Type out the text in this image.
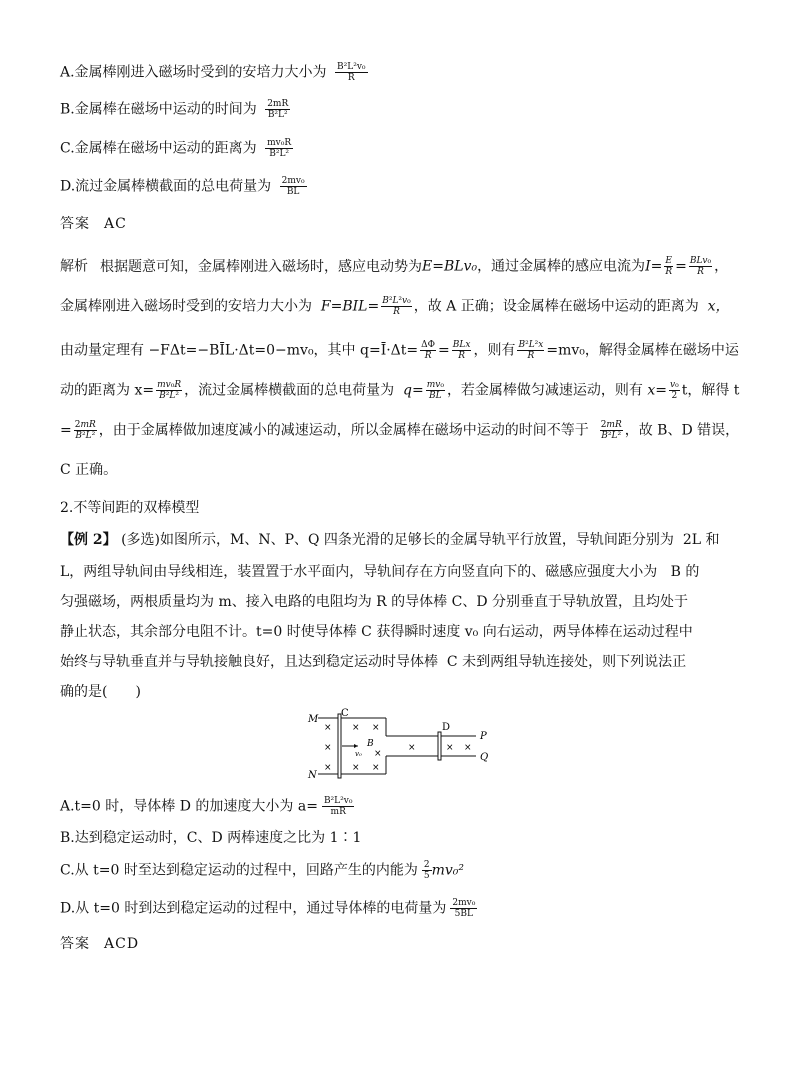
A.金属棒刚进入磁场时受到的安培力大小为 $\frac{\text{B²L²v₀}}{R}$
B.金属棒在磁场中运动的时间为 $\frac{2mR}{\text{B²L²}}$
C.金属棒在磁场中运动的距离为 $\frac{\text{mv₀R}}{\text{B²L²}}$
D.流过金属棒横截面的总电荷量为 $\frac{\text{2mv₀}}{BL}$
答案 AC
解析 根据题意可知，金属棒刚进入磁场时，感应电动势为E=BLv₀，通过金属棒的感应电流为$I= \frac{E}{R} = \frac{\text{BLv₀}}{R}$ ，
金属棒刚进入磁场时受到的安培力大小为 $F=BIL= \frac{\text{B²L²v₀}}{R}$ ，故 A 正确；设金属棒在磁场中运动的距离为 x，
由动量定理有 −FΔt=−BĪL·Δt=0−mv₀，其中 q=Ī·Δt= $\frac{\Delta\Phi}{R} = \frac{\text{BLx}}{R}$ ，则有 $\frac{\text{B²L²x}}{R} =mv_0$，解得金属棒在磁场中运
动的距离为 $x= \frac{\text{mv₀R}}{\text{B²L²}}$ ，流过金属棒横截面的总电荷量为 $q= \frac{\text{mv₀}}{BL}$ ，若金属棒做匀减速运动，则有 $x= \frac{\text{v₀}}{2}$ t，解得 t
= $\frac{2mR}{\text{B²L²}}$ ，由于金属棒做加速度减小的减速运动，所以金属棒在磁场中运动的时间不等于 $\frac{2mR}{\text{B²L²}}$ ，故 B、D 错误，
C 正确。
2.不等间距的双棒模型
【例 2】 (多选)如图所示，M、N、P、Q 四条光滑的足够长的金属导轨平行放置，导轨间距分别为 2L 和
L，两组导轨间由导线相连，装置置于水平面内，导轨间存在方向竖直向下的、磁感应强度大小为 B 的
匀强磁场，两根质量均为 m、接入电路的电阻均为 R 的导体棒 C、D 分别垂直于导轨放置，且均处于
静止状态，其余部分电阻不计。t=0 时使导体棒 C 获得瞬时速度 v₀ 向右运动，两导体棒在运动过程中
始终与导轨垂直并与导轨接触良好，且达到稳定运动时导体棒 C 未到两组导轨连接处，则下列说法正
确的是(　　)
M
N
P
Q
C
D
B
×
×
×
×
×
×
×
×
×	× ×
v₀
A.t=0 时，导体棒 D 的加速度大小为 $a= \frac{\text{B²L²v₀}}{mR}$
B.达到稳定运动时，C、D 两棒速度之比为 1∶1
C.从 t=0 时至达到稳定运动的过程中，回路产生的内能为 $\frac{2}{5} mv_0^2$
D.从 t=0 时到达到稳定运动的过程中，通过导体棒的电荷量为 $\frac{\text{2mv₀}}{5BL}$
答案 ACD
